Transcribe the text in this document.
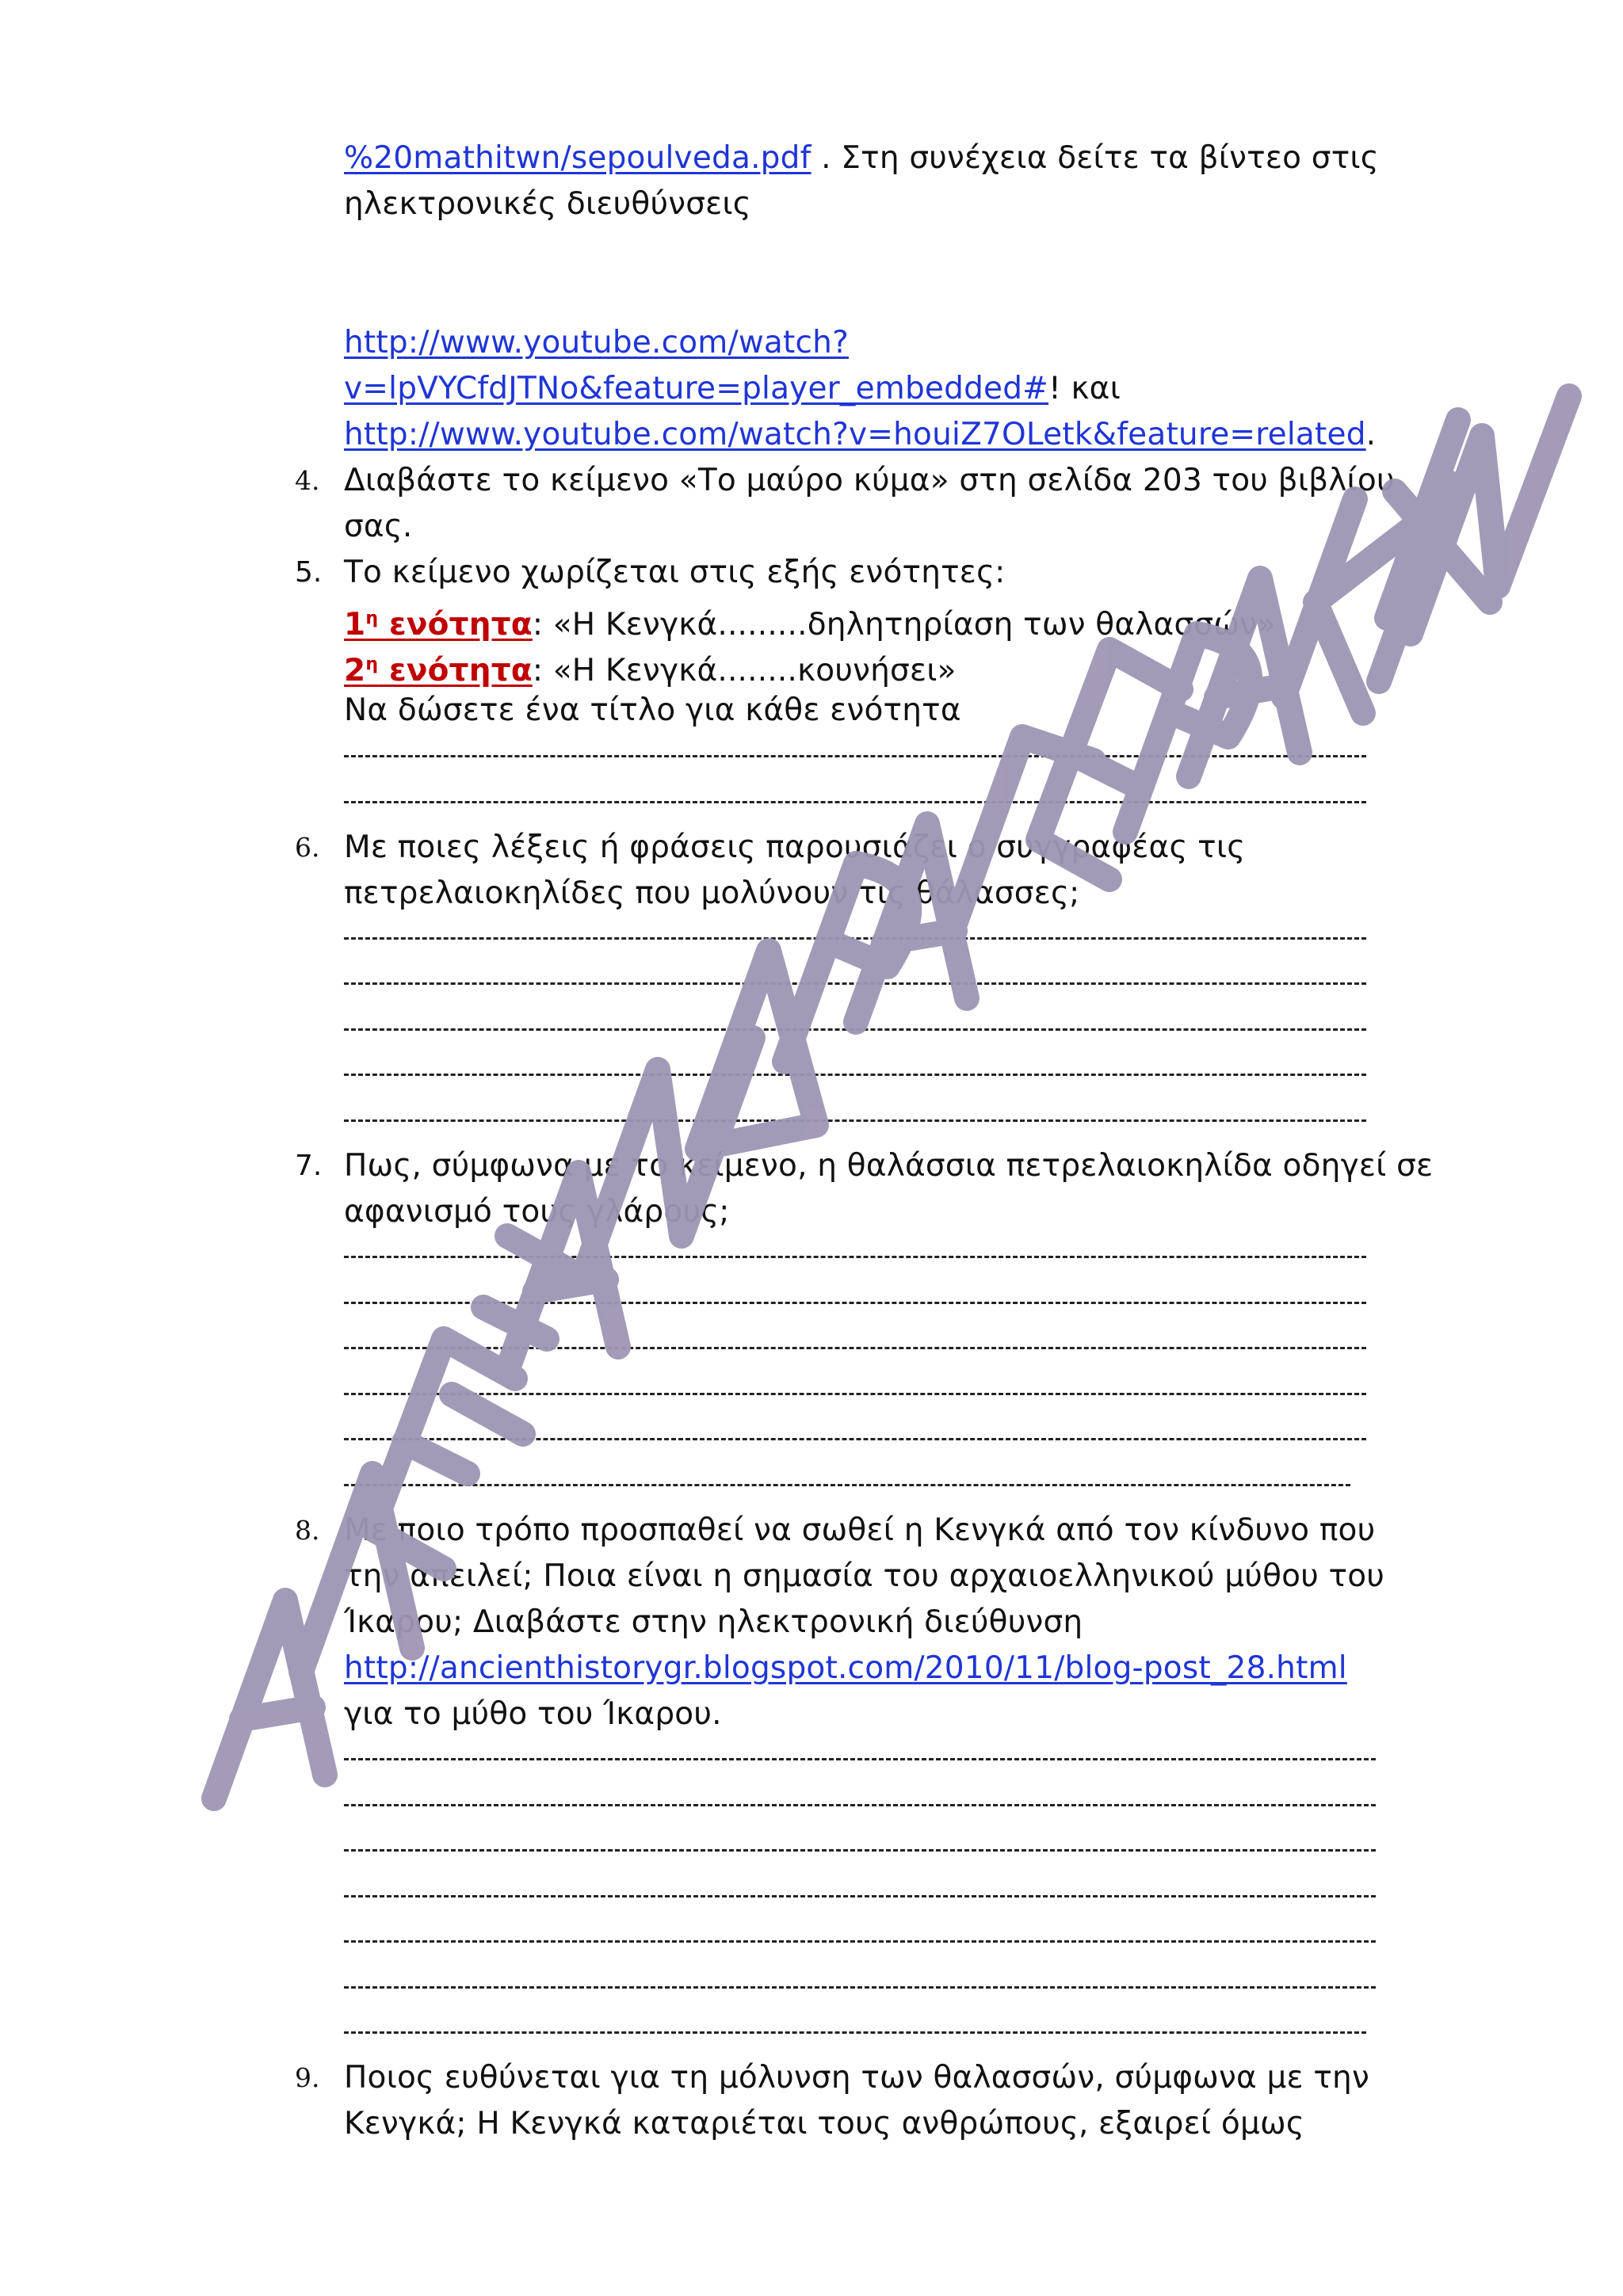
%20mathitwn/sepoulveda.pdf . Στη συνέχεια δείτε τα βίντεο στις
ηλεκτρονικές διευθύνσεις
http://www.youtube.com/watch?
v=lpVYCfdJTNo&feature=player_embedded#! και
http://www.youtube.com/watch?v=houiZ7OLetk&feature=related.
4. Διαβάστε το κείμενο «Το μαύρο κύμα» στη σελίδα 203 του βιβλίου
σας.
5. Το κείμενο χωρίζεται στις εξής ενότητες:
$1^\eta$ ενότητα: «Η Κενγκά.........δηλητηρίαση των θαλασσών»
$2^\eta$ ενότητα: «Η Κενγκά........κουνήσει»
Να δώσετε ένα τίτλο για κάθε ενότητα
6. Με ποιες λέξεις ή φράσεις παρουσιάζει ο συγγραφέας τις
πετρελαιοκηλίδες που μολύνουν τις θάλασσες;
7. Πως, σύμφωνα με το κείμενο, η θαλάσσια πετρελαιοκηλίδα οδηγεί σε
αφανισμό τους γλάρους;
8. Με ποιο τρόπο προσπαθεί να σωθεί η Κενγκά από τον κίνδυνο που
την απειλεί; Ποια είναι η σημασία του αρχαιοελληνικού μύθου του
Ίκαρου; Διαβάστε στην ηλεκτρονική διεύθυνση
http://ancienthistorygr.blogspot.com/2010/11/blog-post_28.html
για το μύθο του Ίκαρου.
9. Ποιος ευθύνεται για τη μόλυνση των θαλασσών, σύμφωνα με την
Κενγκά; Η Κενγκά καταριέται τους ανθρώπους, εξαιρεί όμως
